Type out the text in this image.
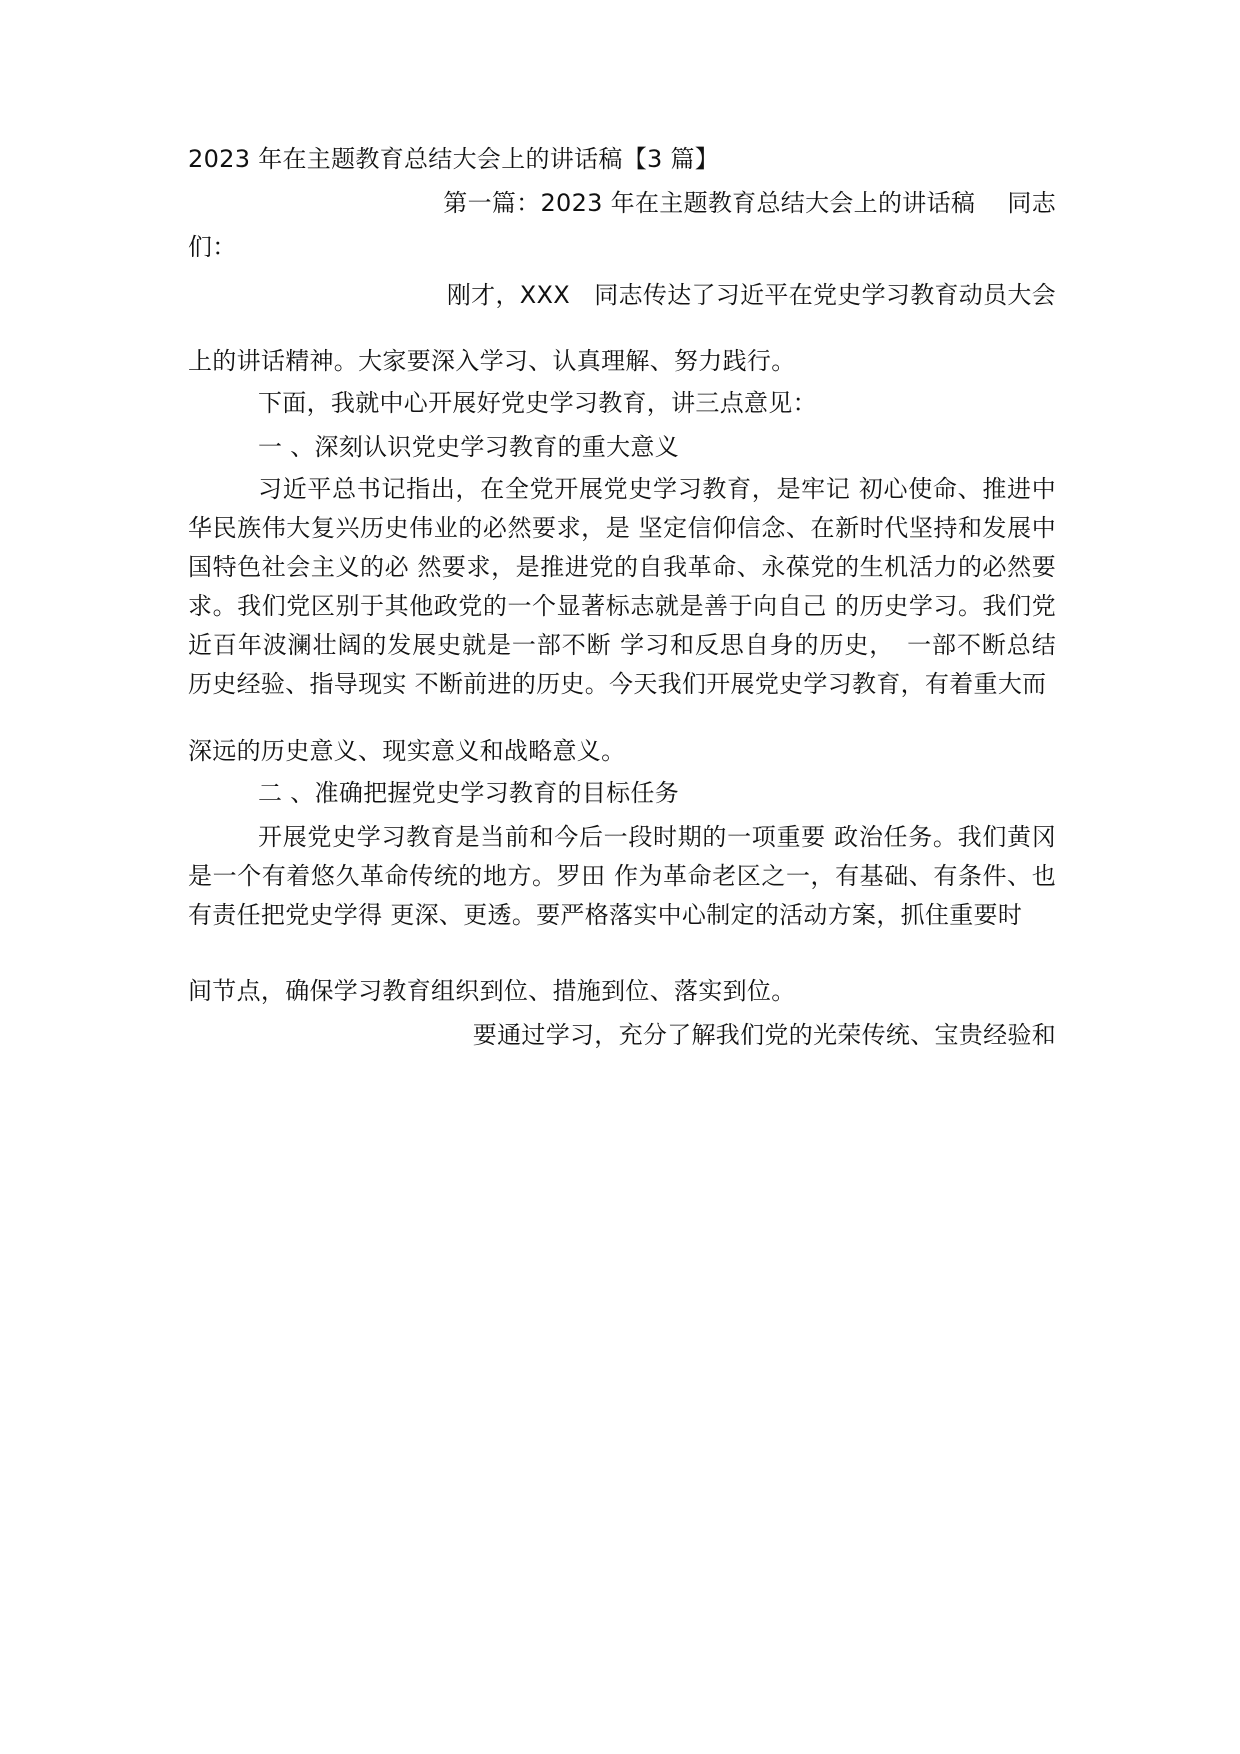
2023 年在主题教育总结大会上的讲话稿【3 篇】
第一篇：2023 年在主题教育总结大会上的讲话稿　 同志
们：
刚才，XXX　同志传达了习近平在党史学习教育动员大会
上的讲话精神。大家要深入学习、认真理解、努力践行。
下面，我就中心开展好党史学习教育，讲三点意见：
一 、深刻认识党史学习教育的重大意义
习近平总书记指出，在全党开展党史学习教育，是牢记 初心使命、推进中华民族伟大复兴历史伟业的必然要求，是 坚定信仰信念、在新时代坚持和发展中国特色社会主义的必 然要求，是推进党的自我革命、永葆党的生机活力的必然要 求。我们党区别于其他政党的一个显著标志就是善于向自己 的历史学习。我们党近百年波澜壮阔的发展史就是一部不断 学习和反思自身的历史，　一部不断总结历史经验、指导现实 不断前进的历史。今天我们开展党史学习教育，有着重大而
深远的历史意义、现实意义和战略意义。
二 、准确把握党史学习教育的目标任务
开展党史学习教育是当前和今后一段时期的一项重要 政治任务。我们黄冈是一个有着悠久革命传统的地方。罗田 作为革命老区之一，有基础、有条件、也有责任把党史学得 更深、更透。要严格落实中心制定的活动方案，抓住重要时
间节点，确保学习教育组织到位、措施到位、落实到位。
要通过学习，充分了解我们党的光荣传统、宝贵经验和
